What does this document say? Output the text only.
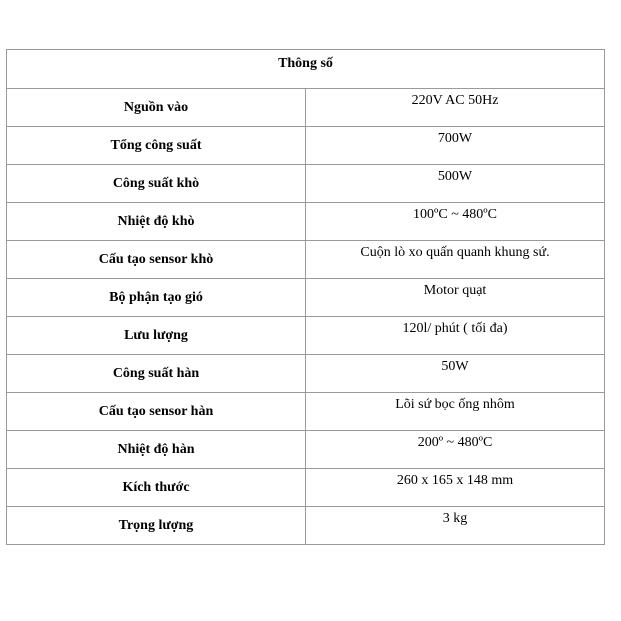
Thông số	
Nguồn vào	220V AC 50Hz
Tổng công suất	700W
Công suất khò	500W
Nhiệt độ khò	100ºC ~ 480ºC
Cấu tạo sensor khò	Cuộn lò xo quấn quanh khung sứ.
Bộ phận tạo gió	Motor quạt
Lưu lượng	120l/ phút ( tối đa)
Công suất hàn	50W
Cấu tạo sensor hàn	Lõi sứ bọc ống nhôm
Nhiệt độ hàn	200º ~ 480ºC
Kích thước	260 x 165 x 148 mm
Trọng lượng	3 kg
